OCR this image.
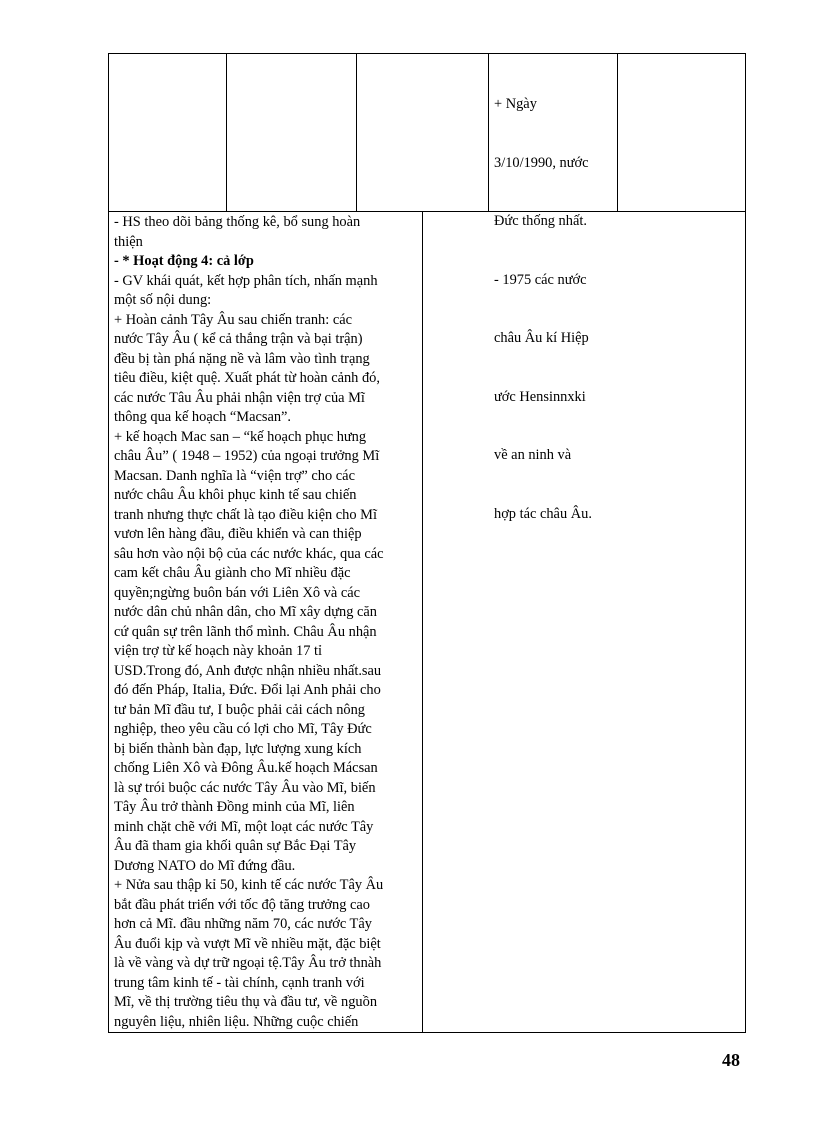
+ Ngày

3/10/1990, nước

Đức thống nhất.

- 1975 các nước

châu Âu kí Hiệp

ước Hensinnxki

về an ninh và

hợp tác châu Âu.

- HS theo dõi bảng thống kê, bổ sung hoàn
thiện
- * Hoạt động 4: cả lớp
- GV khái quát, kết hợp phân tích, nhấn mạnh
một số nội dung:
+ Hoàn cảnh Tây Âu sau chiến tranh: các
nước Tây Âu ( kể cả thắng trận và bại trận)
đều bị tàn phá nặng nề và lâm vào tình trạng
tiêu điều, kiệt quệ. Xuất phát từ hoàn cảnh đó,
các nước Tâu Âu phải nhận viện trợ của Mĩ
thông qua kế hoạch “Macsan”.
+ kế hoạch Mac san – “kế hoạch phục hưng
châu Âu” ( 1948 – 1952) của ngoại trưởng Mĩ
Macsan. Danh nghĩa là “viện trợ” cho các
nước châu Âu khôi phục kinh tế sau chiến
tranh nhưng thực chất là tạo điều kiện cho Mĩ
vươn lên hàng đầu, điều khiển và can thiệp
sâu hơn vào nội bộ của các nước khác, qua các
cam kết châu Âu giành cho Mĩ nhiều đặc
quyền;ngừng buôn bán với Liên Xô và các
nước dân chủ nhân dân, cho Mĩ xây dựng căn
cứ quân sự trên lãnh thổ mình. Châu Âu nhận
viện trợ từ kế hoạch này khoản 17 tỉ
USD.Trong đó, Anh được nhận nhiều nhất.sau
đó đến Pháp, Italia, Đức. Đổi lại Anh phải cho
tư bản Mĩ đầu tư, I buộc phải cải cách nông
nghiệp, theo yêu cầu có lợi cho Mĩ, Tây Đức
bị biến thành bàn đạp, lực lượng xung kích
chống Liên Xô và Đông Âu.kế hoạch Mácsan
là sự trói buộc các nước Tây Âu vào Mĩ, biến
Tây Âu trở thành Đồng minh của Mĩ, liên
minh chặt chẽ với Mĩ, một loạt các nước Tây
Âu đã tham gia khối quân sự Bắc Đại Tây
Dương NATO do Mĩ đứng đầu.
+ Nửa sau thập kỉ 50, kinh tế các nước Tây Âu
bắt đầu phát triển với tốc độ tăng trưởng cao
hơn cả Mĩ. đầu những năm 70, các nước Tây
Âu đuổi kịp và vượt Mĩ về nhiều mặt, đặc biệt
là về vàng và dự trữ ngoại tệ.Tây Âu trở thnàh
trung tâm kinh tế - tài chính, cạnh tranh với
Mĩ, về thị trường tiêu thụ và đầu tư, về nguồn
nguyên liệu, nhiên liệu. Những cuộc chiến
48
